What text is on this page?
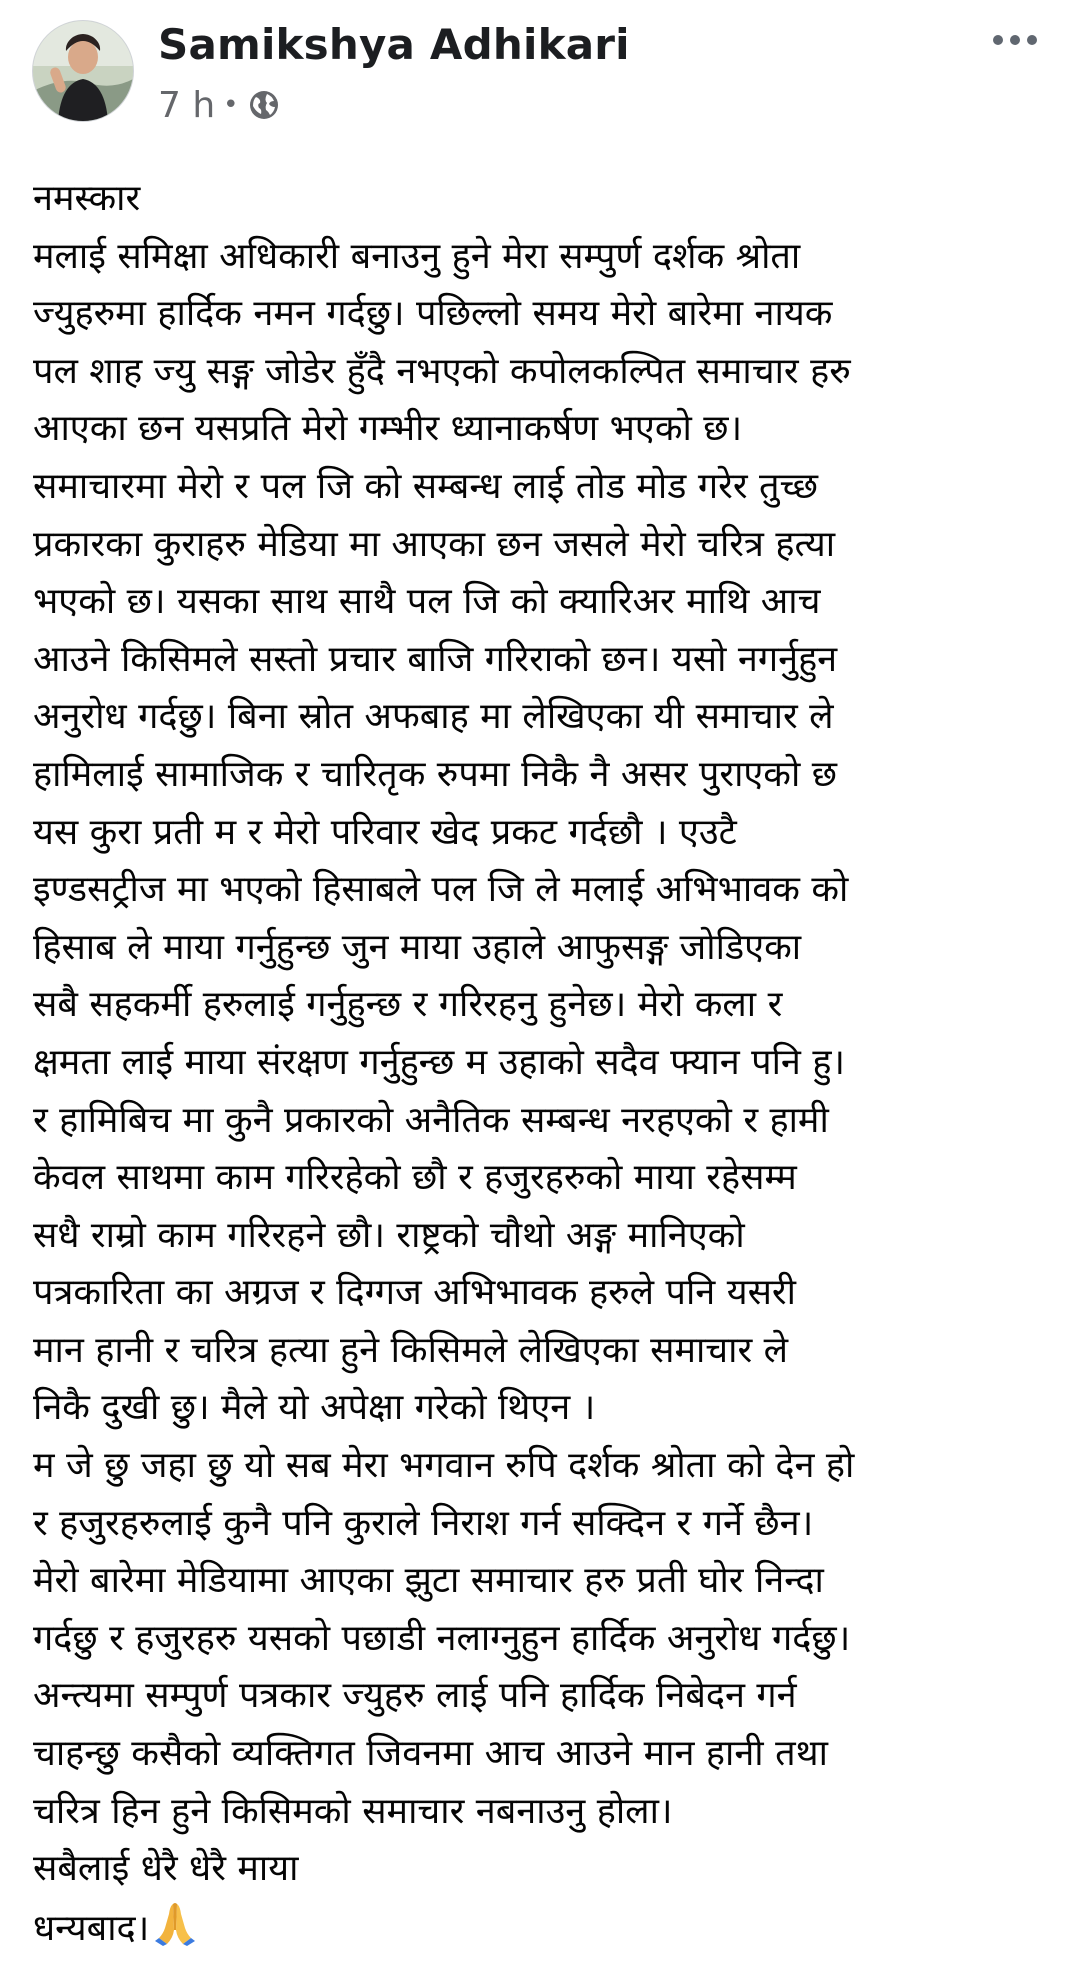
Samikshya Adhikari
7 h •
नमस्कार
मलाई समिक्षा अधिकारी बनाउनु हुने मेरा सम्पुर्ण दर्शक श्रोता
ज्युहरुमा हार्दिक नमन गर्दछु। पछिल्लो समय मेरो बारेमा नायक
पल शाह ज्यु सङ्ग जोडेर हुँदै नभएको कपोलकल्पित समाचार हरु
आएका छन यसप्रति मेरो गम्भीर ध्यानाकर्षण भएको छ।
समाचारमा मेरो र पल जि को सम्बन्ध लाई तोड मोड गरेर तुच्छ
प्रकारका कुराहरु मेडिया मा आएका छन जसले मेरो चरित्र हत्या
भएको छ। यसका साथ साथै पल जि को क्यारिअर माथि आच
आउने किसिमले सस्तो प्रचार बाजि गरिराको छन। यसो नगर्नुहुन
अनुरोध गर्दछु। बिना स्रोत अफबाह मा लेखिएका यी समाचार ले
हामिलाई सामाजिक र चारितृक रुपमा निकै नै असर पुराएको छ
यस कुरा प्रती म र मेरो परिवार खेद प्रकट गर्दछौ । एउटै
इण्डसट्रीज मा भएको हिसाबले पल जि ले मलाई अभिभावक को
हिसाब ले माया गर्नुहुन्छ जुन माया उहाले आफुसङ्ग जोडिएका
सबै सहकर्मी हरुलाई गर्नुहुन्छ र गरिरहनु हुनेछ। मेरो कला र
क्षमता लाई माया संरक्षण गर्नुहुन्छ म उहाको सदैव फ्यान पनि हु।
र हामिबिच मा कुनै प्रकारको अनैतिक सम्बन्ध नरहएको र हामी
केवल साथमा काम गरिरहेको छौ र हजुरहरुको माया रहेसम्म
सधै राम्रो काम गरिरहने छौ। राष्ट्रको चौथो अङ्ग मानिएको
पत्रकारिता का अग्रज र दिग्गज अभिभावक हरुले पनि यसरी
मान हानी र चरित्र हत्या हुने किसिमले लेखिएका समाचार ले
निकै दुखी छु। मैले यो अपेक्षा गरेको थिएन ।
म जे छु जहा छु यो सब मेरा भगवान रुपि दर्शक श्रोता को देन हो
र हजुरहरुलाई कुनै पनि कुराले निराश गर्न सक्दिन र गर्ने छैन।
मेरो बारेमा मेडियामा आएका झुटा समाचार हरु प्रती घोर निन्दा
गर्दछु र हजुरहरु यसको पछाडी नलाग्नुहुन हार्दिक अनुरोध गर्दछु।
अन्त्यमा सम्पुर्ण पत्रकार ज्युहरु लाई पनि हार्दिक निबेदन गर्न
चाहन्छु कसैको व्यक्तिगत जिवनमा आच आउने मान हानी तथा
चरित्र हिन हुने किसिमको समाचार नबनाउनु होला।
सबैलाई धेरै धेरै माया
धन्यबाद।
